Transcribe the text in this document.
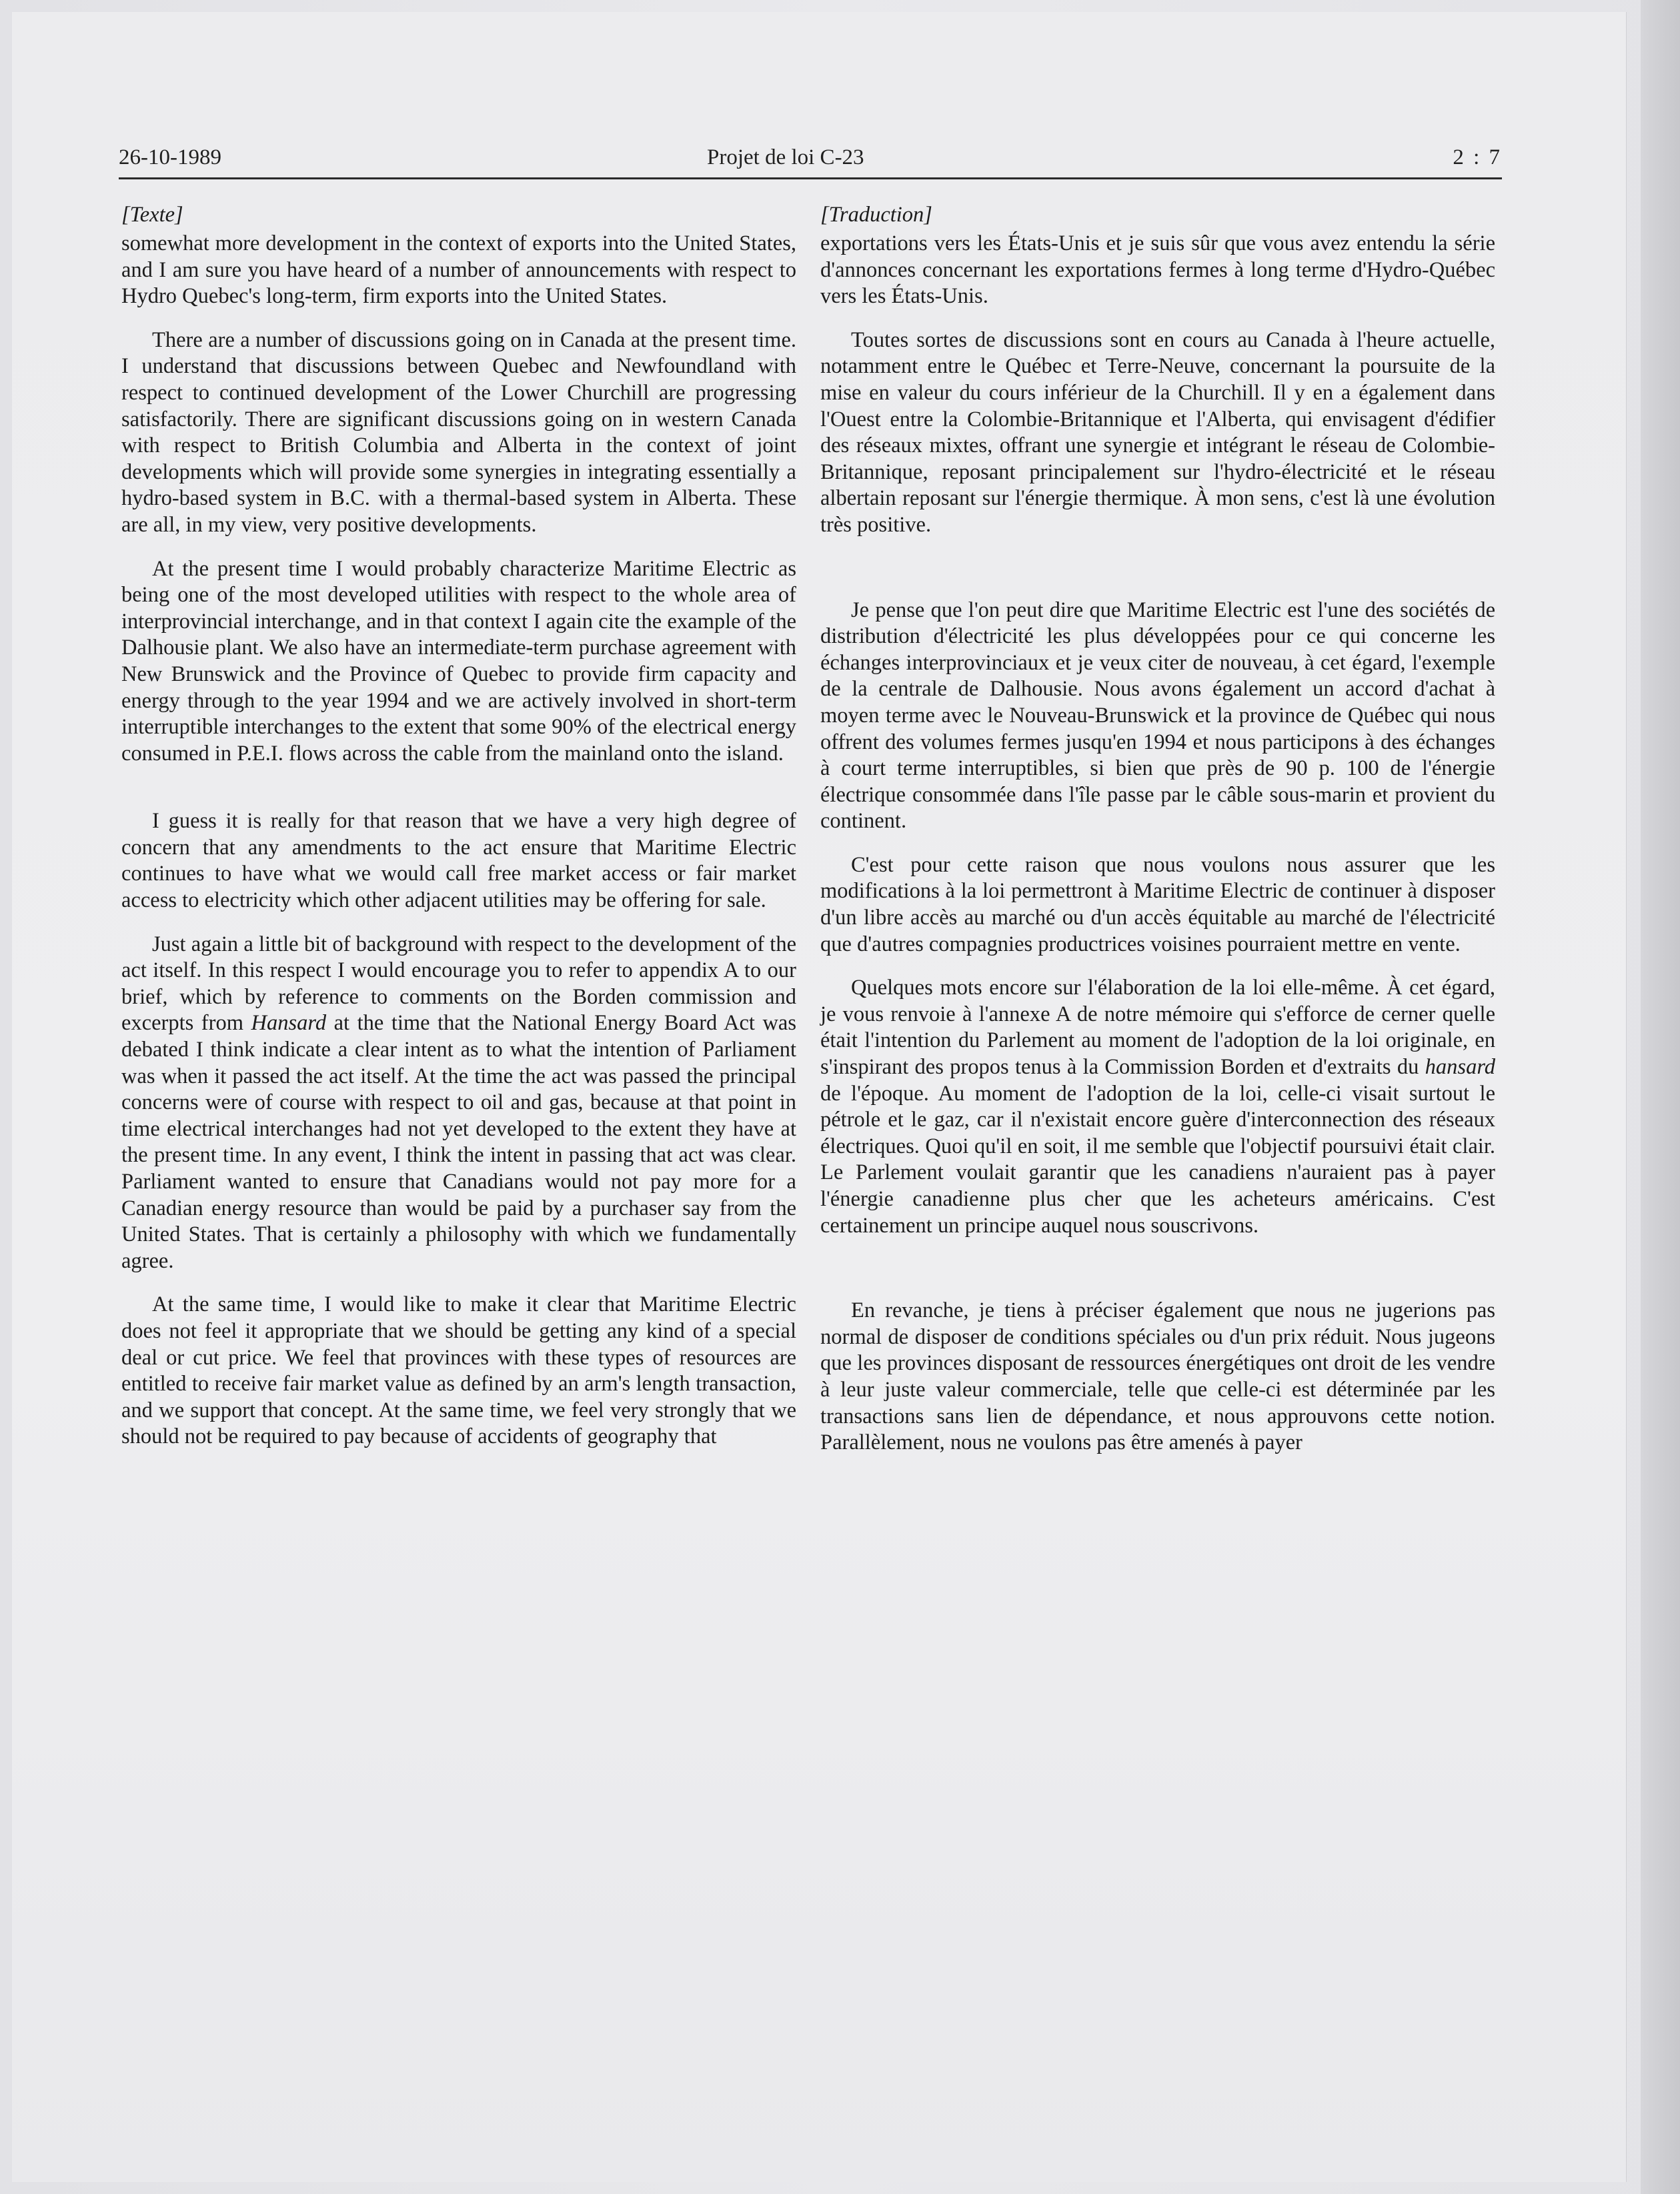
26-10-1989	Projet de loi C-23	2 : 7
[Texte]

somewhat more development in the context of exports into the United States, and I am sure you have heard of a number of announcements with respect to Hydro Quebec's long-term, firm exports into the United States.

There are a number of discussions going on in Canada at the present time. I understand that discussions between Quebec and Newfoundland with respect to continued development of the Lower Churchill are progressing satisfactorily. There are significant discussions going on in western Canada with respect to British Columbia and Alberta in the context of joint developments which will provide some synergies in integrating essentially a hydro-based system in B.C. with a thermal-based system in Alberta. These are all, in my view, very positive developments.

At the present time I would probably characterize Maritime Electric as being one of the most developed utilities with respect to the whole area of interprovincial interchange, and in that context I again cite the example of the Dalhousie plant. We also have an intermediate-term purchase agreement with New Brunswick and the Province of Quebec to provide firm capacity and energy through to the year 1994 and we are actively involved in short-term interruptible interchanges to the extent that some 90% of the electrical energy consumed in P.E.I. flows across the cable from the mainland onto the island.

I guess it is really for that reason that we have a very high degree of concern that any amendments to the act ensure that Maritime Electric continues to have what we would call free market access or fair market access to electricity which other adjacent utilities may be offering for sale.

Just again a little bit of background with respect to the development of the act itself. In this respect I would encourage you to refer to appendix A to our brief, which by reference to comments on the Borden commission and excerpts from Hansard at the time that the National Energy Board Act was debated I think indicate a clear intent as to what the intention of Parliament was when it passed the act itself. At the time the act was passed the principal concerns were of course with respect to oil and gas, because at that point in time electrical interchanges had not yet developed to the extent they have at the present time. In any event, I think the intent in passing that act was clear. Parliament wanted to ensure that Canadians would not pay more for a Canadian energy resource than would be paid by a purchaser say from the United States. That is certainly a philosophy with which we fundamentally agree.

At the same time, I would like to make it clear that Maritime Electric does not feel it appropriate that we should be getting any kind of a special deal or cut price. We feel that provinces with these types of resources are entitled to receive fair market value as defined by an arm's length transaction, and we support that concept. At the same time, we feel very strongly that we should not be required to pay because of accidents of geography that

[Traduction]

exportations vers les États-Unis et je suis sûr que vous avez entendu la série d'annonces concernant les exportations fermes à long terme d'Hydro-Québec vers les États-Unis.

Toutes sortes de discussions sont en cours au Canada à l'heure actuelle, notamment entre le Québec et Terre-Neuve, concernant la poursuite de la mise en valeur du cours inférieur de la Churchill. Il y en a également dans l'Ouest entre la Colombie-Britannique et l'Alberta, qui envisagent d'édifier des réseaux mixtes, offrant une synergie et intégrant le réseau de Colombie-Britannique, reposant principalement sur l'hydro-électricité et le réseau albertain reposant sur l'énergie thermique. À mon sens, c'est là une évolution très positive.

Je pense que l'on peut dire que Maritime Electric est l'une des sociétés de distribution d'électricité les plus développées pour ce qui concerne les échanges interprovinciaux et je veux citer de nouveau, à cet égard, l'exemple de la centrale de Dalhousie. Nous avons également un accord d'achat à moyen terme avec le Nouveau-Brunswick et la province de Québec qui nous offrent des volumes fermes jusqu'en 1994 et nous participons à des échanges à court terme interruptibles, si bien que près de 90 p. 100 de l'énergie électrique consommée dans l'île passe par le câble sous-marin et provient du continent.

C'est pour cette raison que nous voulons nous assurer que les modifications à la loi permettront à Maritime Electric de continuer à disposer d'un libre accès au marché ou d'un accès équitable au marché de l'électricité que d'autres compagnies productrices voisines pourraient mettre en vente.

Quelques mots encore sur l'élaboration de la loi elle-même. À cet égard, je vous renvoie à l'annexe A de notre mémoire qui s'efforce de cerner quelle était l'intention du Parlement au moment de l'adoption de la loi originale, en s'inspirant des propos tenus à la Commission Borden et d'extraits du hansard de l'époque. Au moment de l'adoption de la loi, celle-ci visait surtout le pétrole et le gaz, car il n'existait encore guère d'interconnection des réseaux électriques. Quoi qu'il en soit, il me semble que l'objectif poursuivi était clair. Le Parlement voulait garantir que les canadiens n'auraient pas à payer l'énergie canadienne plus cher que les acheteurs américains. C'est certainement un principe auquel nous souscrivons.

En revanche, je tiens à préciser également que nous ne jugerions pas normal de disposer de conditions spéciales ou d'un prix réduit. Nous jugeons que les provinces disposant de ressources énergétiques ont droit de les vendre à leur juste valeur commerciale, telle que celle-ci est déterminée par les transactions sans lien de dépendance, et nous approuvons cette notion. Parallèlement, nous ne voulons pas être amenés à payer
